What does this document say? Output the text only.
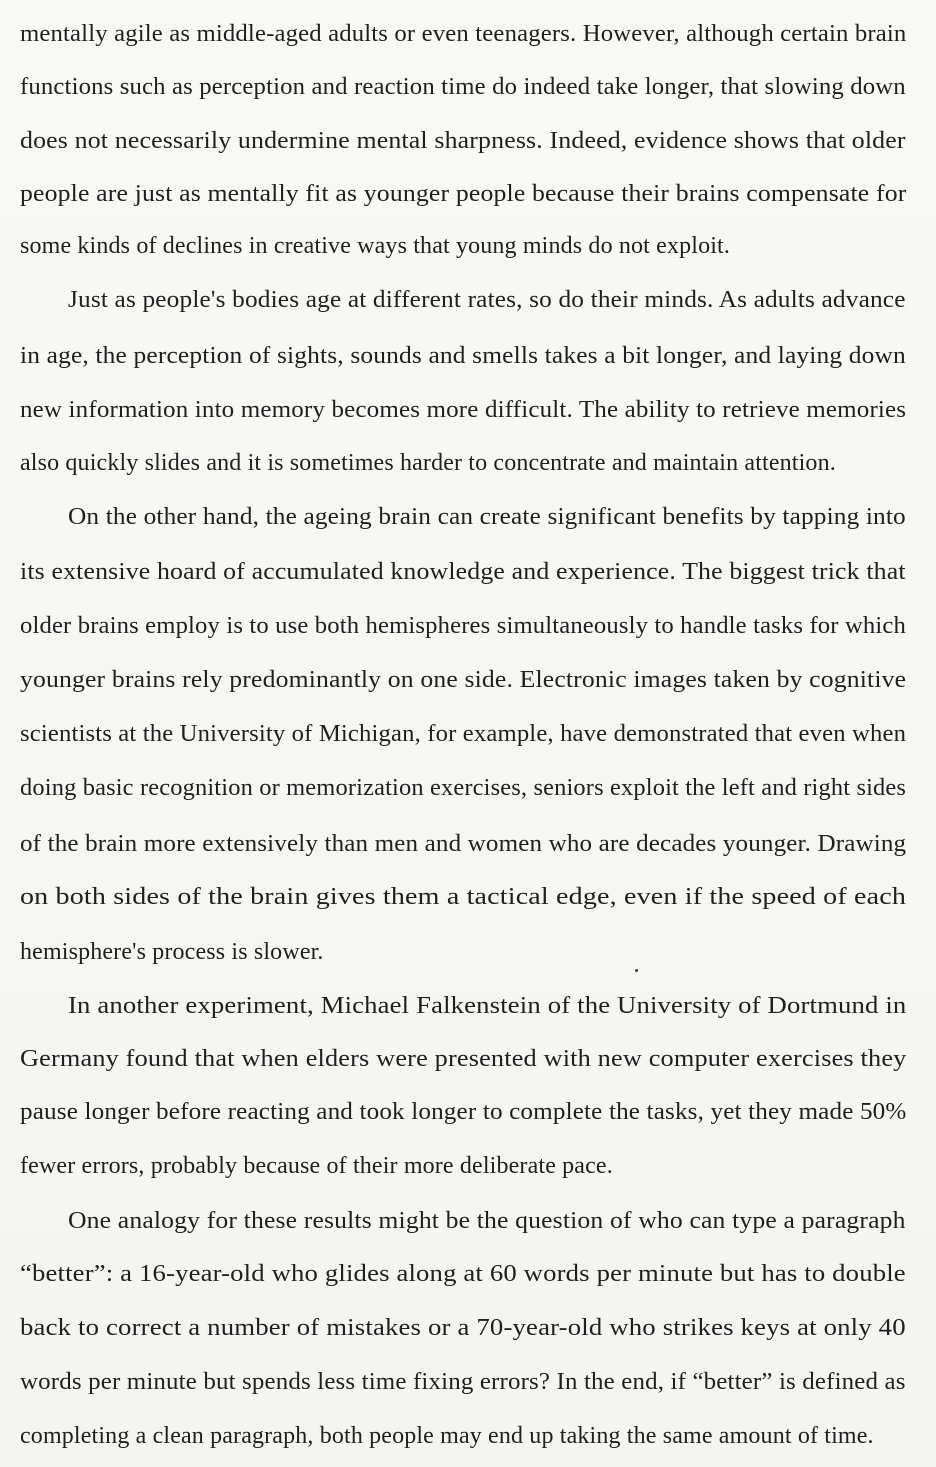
mentally agile as middle-aged adults or even teenagers. However, although certain brain
functions such as perception and reaction time do indeed take longer, that slowing down
does not necessarily undermine mental sharpness. Indeed, evidence shows that older
people are just as mentally fit as younger people because their brains compensate for
some kinds of declines in creative ways that young minds do not exploit.
Just as people's bodies age at different rates, so do their minds. As adults advance
in age, the perception of sights, sounds and smells takes a bit longer, and laying down
new information into memory becomes more difficult. The ability to retrieve memories
also quickly slides and it is sometimes harder to concentrate and maintain attention.
On the other hand, the ageing brain can create significant benefits by tapping into
its extensive hoard of accumulated knowledge and experience. The biggest trick that
older brains employ is to use both hemispheres simultaneously to handle tasks for which
younger brains rely predominantly on one side. Electronic images taken by cognitive
scientists at the University of Michigan, for example, have demonstrated that even when
doing basic recognition or memorization exercises, seniors exploit the left and right sides
of the brain more extensively than men and women who are decades younger. Drawing
on both sides of the brain gives them a tactical edge, even if the speed of each
hemisphere's process is slower.
In another experiment, Michael Falkenstein of the University of Dortmund in
Germany found that when elders were presented with new computer exercises they
pause longer before reacting and took longer to complete the tasks, yet they made 50%
fewer errors, probably because of their more deliberate pace.
One analogy for these results might be the question of who can type a paragraph
“better”: a 16-year-old who glides along at 60 words per minute but has to double
back to correct a number of mistakes or a 70-year-old who strikes keys at only 40
words per minute but spends less time fixing errors? In the end, if “better” is defined as
completing a clean paragraph, both people may end up taking the same amount of time.
